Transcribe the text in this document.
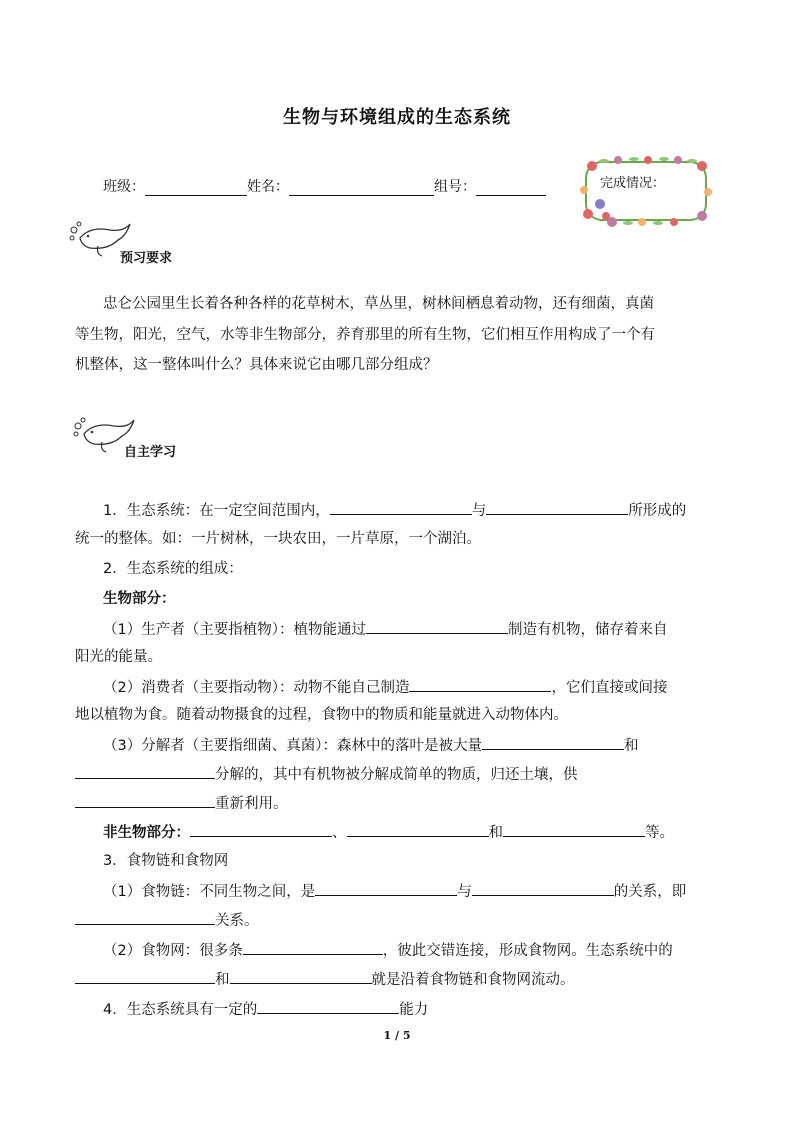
生物与环境组成的生态系统
班级：	姓名：	组号：	完成情况：
预习要求
忠仑公园里生长着各种各样的花草树木，草丛里，树林间栖息着动物，还有细菌，真菌
等生物，阳光，空气，水等非生物部分，养育那里的所有生物，它们相互作用构成了一个有
机整体，这一整体叫什么？具体来说它由哪几部分组成？
自主学习
1．生态系统：在一定空间范围内，	与	所形成的
统一的整体。如：一片树林，一块农田，一片草原，一个湖泊。
2．生态系统的组成：
生物部分：
（1）生产者（主要指植物）：植物能通过	制造有机物，储存着来自
阳光的能量。
（2）消费者（主要指动物）：动物不能自己制造	，它们直接或间接
地以植物为食。随着动物摄食的过程，食物中的物质和能量就进入动物体内。
（3）分解者（主要指细菌、真菌）：森林中的落叶是被大量	和
分解的，其中有机物被分解成简单的物质，归还土壤，供
重新利用。
非生物部分：	、	和	等。
3．食物链和食物网
（1）食物链：不同生物之间，是	与	的关系，即
关系。
（2）食物网：很多条	，彼此交错连接，形成食物网。生态系统中的
和	就是沿着食物链和食物网流动。
4．生态系统具有一定的	能力
1 / 5
